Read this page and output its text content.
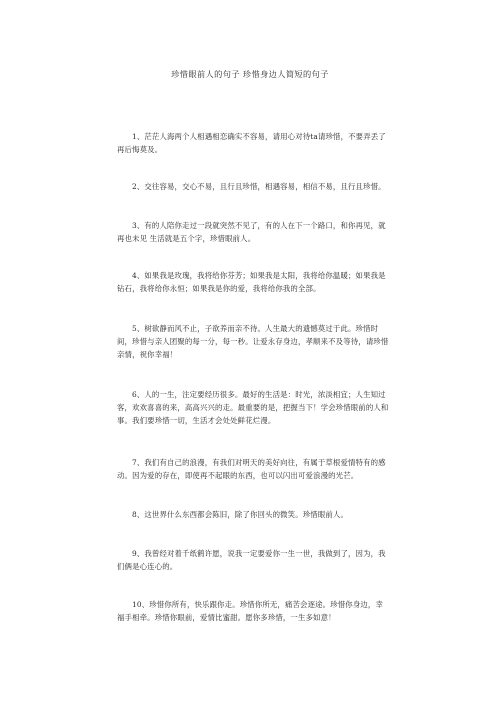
珍惜眼前人的句子 珍惜身边人简短的句子

1、茫茫人海两个人相遇相恋确实不容易，请用心对待ta请珍惜，不要弄丢了再后悔莫及。

2、交往容易，交心不易，且行且珍惜，相遇容易，相信不易，且行且珍惜。

3、有的人陪你走过一段就突然不见了，有的人在下一个路口，和你再见，就再也未见 生活就是五个字，珍惜眼前人。

4、如果我是玫瑰，我将给你芬芳；如果我是太阳，我将给你温暖；如果我是钻石，我将给你永恒；如果我是你的爱，我将给你我的全部。

5、树欲静而风不止，子欲养而亲不待。人生最大的遗憾莫过于此。珍惜时间，珍惜与亲人团聚的每一分，每一秒。让爱永存身边，孝顺来不及等待，请珍惜亲情，祝你幸福！

6、人的一生，注定要经历很多。最好的生活是：时光，浓淡相宜；人生知过客，欢欢喜喜的来，高高兴兴的走。最重要的是，把握当下！学会珍惜眼前的人和事。我们要珍惜一切，生活才会处处鲜花烂漫。

7、我们有自己的浪漫，有我们对明天的美好向往，有属于草根爱情特有的感动。因为爱的存在，即使再不起眼的东西，也可以闪出可爱浪漫的光芒。

8、这世界什么东西都会陈旧，除了你回头的微笑。珍惜眼前人。

9、我曾经对着千纸鹤许愿，说我一定要爱你一生一世，我做到了，因为，我们俩是心连心的。

10、珍惜你所有，快乐跟你走。珍惜你所无，痛苦会逐途。珍惜你身边，幸福手相牵。珍惜你眼前，爱情比蜜甜。愿你多珍惜，一生多如意！
